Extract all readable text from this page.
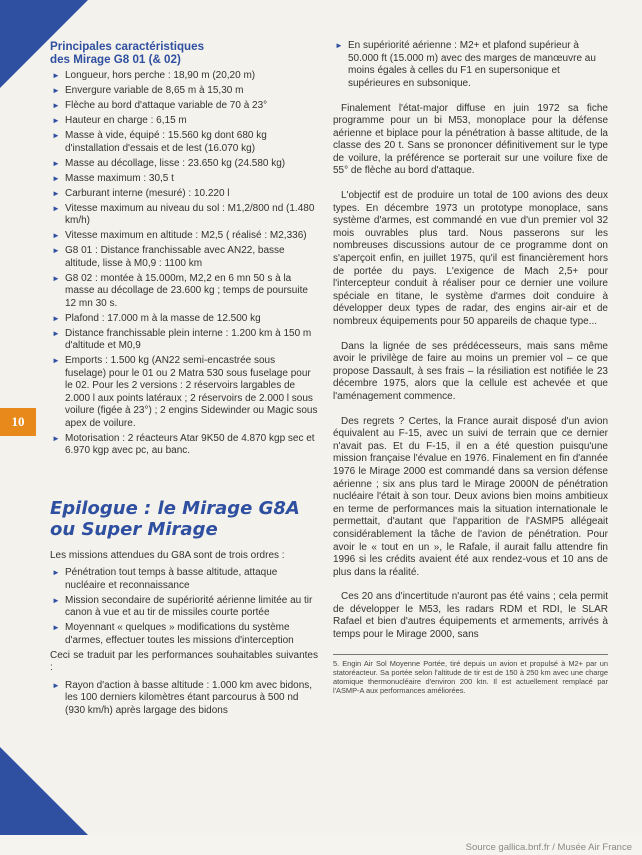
10
Principales caractéristiques
des Mirage G8 01 (& 02)
► Longueur, hors perche : 18,90 m (20,20 m)
► Envergure variable de 8,65 m à 15,30 m
► Flèche au bord d'attaque variable de 70 à 23°
► Hauteur en charge : 6,15 m
► Masse à vide, équipé : 15.560 kg dont 680 kg d'installation d'essais et de lest (16.070 kg)
► Masse au décollage, lisse : 23.650 kg (24.580 kg)
► Masse maximum : 30,5 t
► Carburant interne (mesuré) : 10.220 l
► Vitesse maximum au niveau du sol : M1,2/800 nd (1.480 km/h)
► Vitesse maximum en altitude : M2,5 ( réalisé : M2,336)
► G8 01 : Distance franchissable avec AN22, basse altitude, lisse à M0,9 : 1100 km
► G8 02 : montée à 15.000m, M2,2 en 6 mn 50 s à la masse au décollage de 23.600 kg ; temps de poursuite 12 mn 30 s.
► Plafond : 17.000 m à la masse de 12.500 kg
► Distance franchissable plein interne : 1.200 km à 150 m d'altitude et M0,9
► Emports : 1.500 kg (AN22 semi-encastrée sous fuselage) pour le 01 ou 2 Matra 530 sous fuselage pour le 02. Pour les 2 versions : 2 réservoirs largables de 2.000 l aux points latéraux ; 2 réservoirs de 2.000 l sous voilure (figée à 23°) ; 2 engins Sidewinder ou Magic sous apex de voilure.
► Motorisation : 2 réacteurs Atar 9K50 de 4.870 kgp sec et 6.970 kgp avec pc, au banc.
Epilogue : le Mirage G8A
ou Super Mirage

Les missions attendues du G8A sont de trois ordres :

► Pénétration tout temps à basse altitude, attaque nucléaire et reconnaissance
► Mission secondaire de supériorité aérienne limitée au tir canon à vue et au tir de missiles courte portée
► Moyennant « quelques » modifications du système d'armes, effectuer toutes les missions d'interception

Ceci se traduit par les performances souhaitables suivantes :

► Rayon d'action à basse altitude : 1.000 km avec bidons, les 100 derniers kilomètres étant parcourus à 500 nd (930 km/h) après largage des bidons
► En supériorité aérienne : M2+ et plafond supérieur à 50.000 ft (15.000 m) avec des marges de manœuvre au moins égales à celles du F1 en supersonique et supérieures en subsonique.

Finalement l'état-major diffuse en juin 1972 sa fiche programme pour un bi M53, monoplace pour la défense aérienne et biplace pour la pénétration à basse altitude, de la classe des 20 t. Sans se prononcer définitivement sur le type de voilure, la préférence se porterait sur une voilure fixe de 55° de flèche au bord d'attaque.

L'objectif est de produire un total de 100 avions des deux types. En décembre 1973 un prototype monoplace, sans système d'armes, est commandé en vue d'un premier vol 32 mois ouvrables plus tard. Nous passerons sur les nombreuses discussions autour de ce programme dont on s'aperçoit enfin, en juillet 1975, qu'il est financièrement hors de portée du pays. L'exigence de Mach 2,5+ pour l'intercepteur conduit à réaliser pour ce dernier une voilure spéciale en titane, le système d'armes doit conduire à développer deux types de radar, des engins air-air et de nombreux équipements pour 50 appareils de chaque type...

Dans la lignée de ses prédécesseurs, mais sans même avoir le privilège de faire au moins un premier vol – ce que propose Dassault, à ses frais – la résiliation est notifiée le 23 décembre 1975, alors que la cellule est achevée et que l'aménagement commence.

Des regrets ? Certes, la France aurait disposé d'un avion équivalent au F-15, avec un suivi de terrain que ce dernier n'avait pas. Et du F-15, il en a été question puisqu'une mission française l'évalue en 1976. Finalement en fin d'année 1976 le Mirage 2000 est commandé dans sa version défense aérienne ; six ans plus tard le Mirage 2000N de pénétration nucléaire l'était à son tour. Deux avions bien moins ambitieux en terme de performances mais la situation internationale le permettait, d'autant que l'apparition de l'ASMP5 allégeait considérablement la tâche de l'avion de pénétration. Pour avoir le « tout en un », le Rafale, il aurait fallu attendre fin 1996 si les crédits avaient été aux rendez-vous et 10 ans de plus dans la réalité.

Ces 20 ans d'incertitude n'auront pas été vains ; cela permit de développer le M53, les radars RDM et RDI, le SLAR Rafael et bien d'autres équipements et armements, arrivés à temps pour le Mirage 2000, sans

5. Engin Air Sol Moyenne Portée, tiré depuis un avion et propulsé à M2+ par un statoréacteur. Sa portée selon l'altitude de tir est de 150 à 250 km avec une charge atomique thermonucléaire d'environ 200 ktn. Il est actuellement remplacé par l'ASMP-A aux performances améliorées.

Source gallica.bnf.fr / Musée Air France
